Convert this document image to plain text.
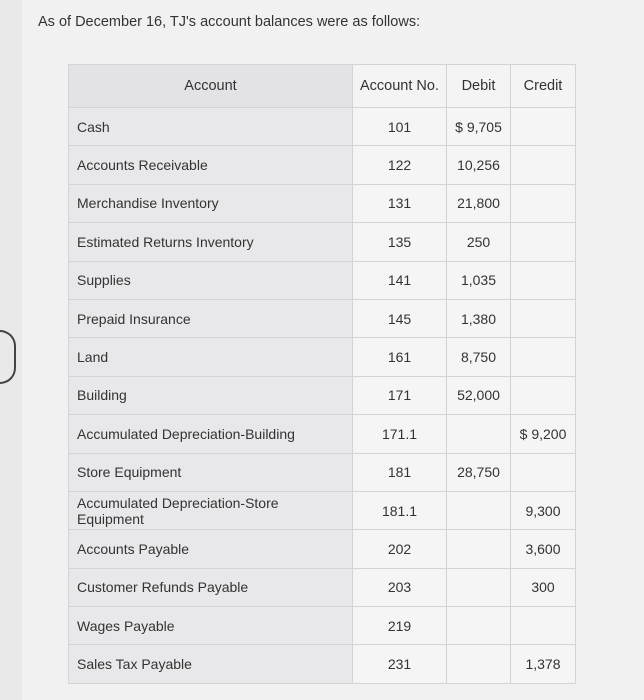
As of December 16, TJ's account balances were as follows:
Account	Account No.	Debit	Credit
Cash	101	$ 9,705	
Accounts Receivable	122	10,256	
Merchandise Inventory	131	21,800	
Estimated Returns Inventory	135	250	
Supplies	141	1,035	
Prepaid Insurance	145	1,380	
Land	161	8,750	
Building	171	52,000	
Accumulated Depreciation-Building	171.1		$ 9,200
Store Equipment	181	28,750	
Accumulated Depreciation-Store Equipment	181.1		9,300
Accounts Payable	202		3,600
Customer Refunds Payable	203		300
Wages Payable	219		
Sales Tax Payable	231		1,378
